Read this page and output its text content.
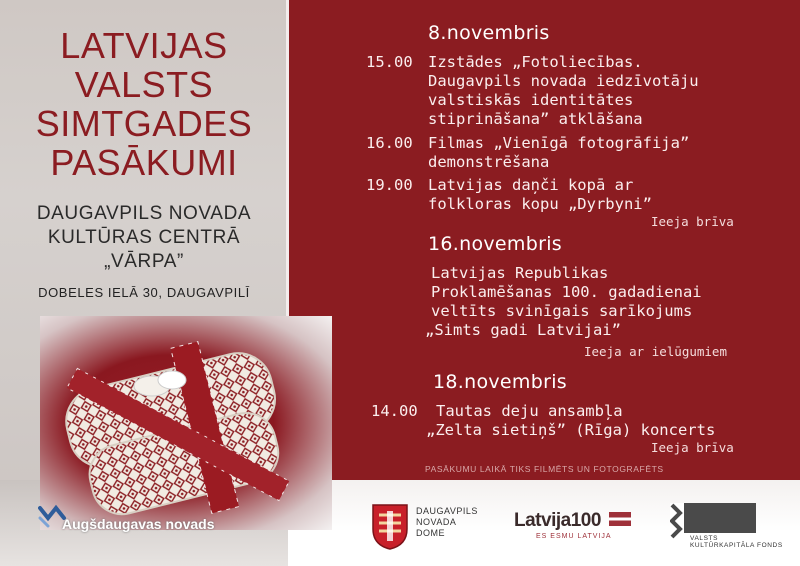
LATVIJAS
VALSTS
SIMTGADES
PASĀKUMI
DAUGAVPILS NOVADA
KULTŪRAS CENTRĀ
„VĀRPA”
DOBELES IELĀ 30, DAUGAVPILĪ
Augšdaugavas novads
8.novembris
15.00 Izstādes „Fotoliecības.
Daugavpils novada iedzīvotāju
valstiskās identitātes
stiprināšana” atklāšana
16.00 Filmas „Vienīgā fotogrāfija”
demonstrēšana
19.00 Latvijas daņči kopā ar
folkloras kopu „Dyrbyni”
Ieeja brīva
16.novembris
Latvijas Republikas
Proklamēšanas 100. gadadienai
veltīts svinīgais sarīkojums
„Simts gadi Latvijai”
Ieeja ar ielūgumiem
18.novembris
14.00 Tautas deju ansambļa
„Zelta sietiņš” (Rīga) koncerts
Ieeja brīva
PASĀKUMU LAIKĀ TIKS FILMĒTS UN FOTOGRAFĒTS
DAUGAVPILS
NOVADA
DOME
Latvija100
ES ESMU LATVIJA	VALSTS
KULTŪRKAPITĀLA FONDS
